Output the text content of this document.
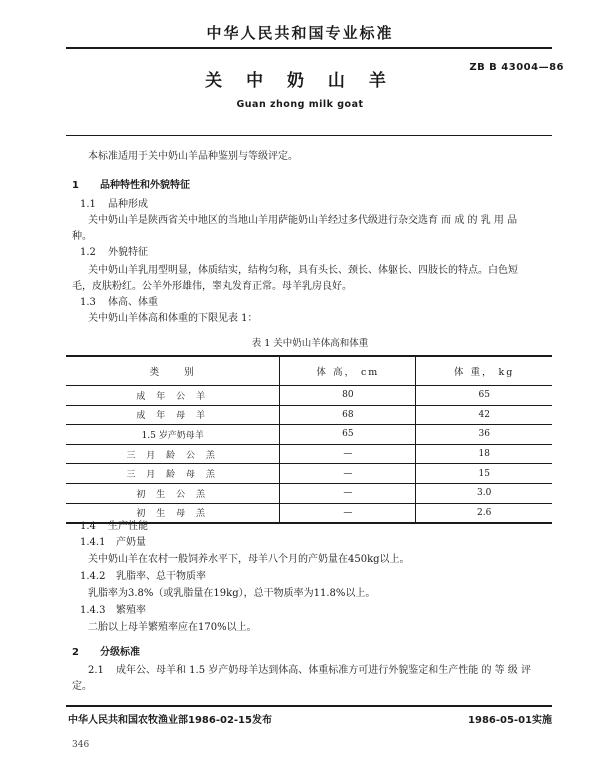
中华人民共和国专业标准
关 中 奶 山 羊
ZB B 43004—86
Guan zhong milk goat
本标准适用于关中奶山羊品种鉴别与等级评定。
1 品种特性和外貌特征
1.1 品种形成
关中奶山羊是陕西省关中地区的当地山羊用萨能奶山羊经过多代级进行杂交选育 而 成 的 乳 用 品
种。
1.2 外貌特征
关中奶山羊乳用型明显，体质结实，结构匀称，具有头长、颈长、体躯长、四肢长的特点。白色短
毛，皮肤粉红。公羊外形雄伟，睾丸发育正常。母羊乳房良好。
1.3 体高、体重
关中奶山羊体高和体重的下限见表 1：
表 1 关中奶山羊体高和体重
类　　别	体 高， cm	体 重， kg
成 年 公 羊	80	65
成 年 母 羊	68	42
1.5 岁产奶母羊	65	36
三 月 龄 公 羔	—	18
三 月 龄 母 羔	—	15
初 生 公 羔	—	3.0
初 生 母 羔	—	2.6
1.4 生产性能
1.4.1 产奶量
关中奶山羊在农村一般饲养水平下，母羊八个月的产奶量在450kg以上。
1.4.2 乳脂率、总干物质率
乳脂率为3.8%（或乳脂量在19kg），总干物质率为11.8%以上。
1.4.3 繁殖率
二胎以上母羊繁殖率应在170%以上。
2 分级标准
2.1 成年公、母羊和 1.5 岁产奶母羊达到体高、体重标准方可进行外貌鉴定和生产性能 的 等 级 评
定。
中华人民共和国农牧渔业部1986-02-15发布	1986-05-01实施
346
